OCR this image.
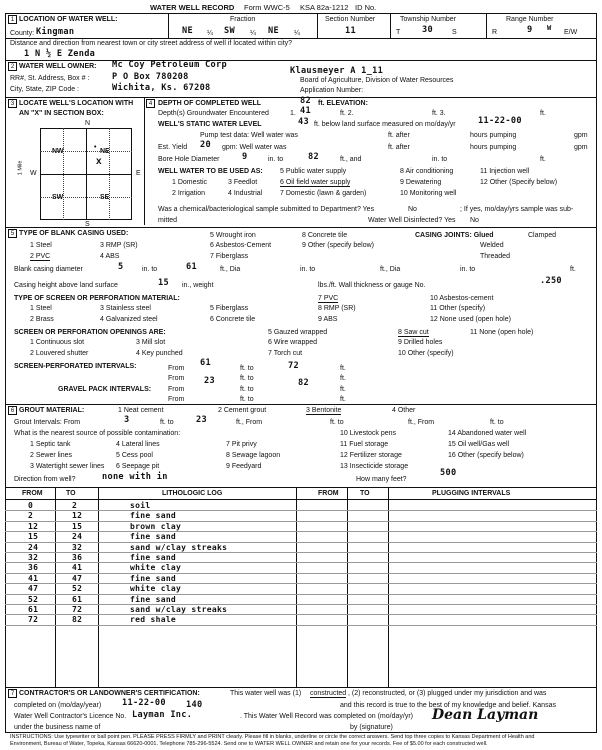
WATER WELL RECORD Form WWC-5 KSA 82a-1212 ID No.
1 LOCATION OF WATER WELL:
County: Kingman
Fraction
NE ¼ SW ¼ NE ¼
Section Number
11
Township Number
T	30	S
Range Number
R	9 W
E/W
Distance and direction from nearest town or city street address of well if located within city?
1 N ½ E Zenda
2 WATER WELL OWNER: Mc Coy Petroleum Corp
Klausmeyer A 1_11
RR#, St. Address, Box # :	P O Box 780208	Board of Agriculture, Division of Water Resources
City, State, ZIP Code :	Wichita, Ks. 67208	Application Number:
3 LOCATE WELL'S LOCATION WITH
AN "X" IN SECTION BOX:
N
S
W	E
1 Mile
NW	NE
SW	SE
x
•
4 DEPTH OF COMPLETED WELL	82 ft. ELEVATION:
Depth(s) Groundwater Encountered	1. 41	ft. 2.	ft. 3.	ft.
WELL'S STATIC WATER LEVEL	43 ft. below land surface measured on mo/day/yr	11-22-00
Pump test data: Well water was	ft. after	hours pumping	gpm
Est. Yield 20 gpm: Well water was	ft. after	hours pumping	gpm
Bore Hole Diameter	9	in. to	82	ft., and	in. to	ft.
WELL WATER TO BE USED AS: 5 Public water supply	8 Air conditioning	11 Injection well
1 Domestic	3 Feedlot	6 Oil field water supply	9 Dewatering	12 Other (Specify below)
2 Irrigation	4 Industrial	7 Domestic (lawn & garden)	10 Monitoring well
Was a chemical/bacteriological sample submitted to Department? Yes	No	; If yes, mo/day/yrs sample was sub-
mitted	Water Well Disinfected? Yes No
5 TYPE OF BLANK CASING USED:
1 Steel	3 RMP (SR)
5 Wrought iron	8 Concrete tile
2 PVC	4 ABS
6 Asbestos-Cement	9 Other (specify below)
7 Fiberglass
CASING JOINTS: Glued	Clamped
Welded
Threaded
Blank casing diameter	5	in. to	61	ft., Dia	in. to	ft., Dia	in. to	ft.
Casing height above land surface	15 in., weight	lbs./ft. Wall thickness or gauge No.	.250
TYPE OF SCREEN OR PERFORATION MATERIAL:
1 Steel	3 Stainless steel	5 Fiberglass
7 PVC	10 Asbestos-cement
2 Brass	4 Galvanized steel	6 Concrete tile
8 RMP (SR)	11 Other (specify)
9 ABS	12 None used (open hole)
SCREEN OR PERFORATION OPENINGS ARE:	5 Gauzed wrapped	8 Saw cut	11 None (open hole)
1 Continuous slot	3 Mill slot	6 Wire wrapped	9 Drilled holes
2 Louvered shutter	4 Key punched	7 Torch cut	10 Other (specify)
SCREEN-PERFORATED INTERVALS:	From
61
ft. to	72	ft.
From	ft. to	ft.
GRAVEL PACK INTERVALS: From
23
ft. to
82
ft.
From	ft. to	ft.
6 GROUT MATERIAL:	1 Neat cement	2 Cement grout	3 Bentonite	4 Other
Grout Intervals: From	3	ft. to	23	ft., From	ft. to	ft., From	ft. to
What is the nearest source of possible contamination:	10 Livestock pens	14 Abandoned water well
1 Septic tank	4 Lateral lines	7 Pit privy	11 Fuel storage	15 Oil well/Gas well
2 Sewer lines	5 Cess pool	8 Sewage lagoon	12 Fertilizer storage	16 Other (specify below)
3 Watertight sewer lines 6 Seepage pit	9 Feedyard	13 Insecticide storage
Direction from well?	none with in	How many feet?
500
FROM	TO	LITHOLOGIC LOG	FROM	TO	PLUGGING INTERVALS
0	2	soil
2	12	fine sand
12	15	brown clay
15	24	fine sand
24	32	sand w/clay streaks
32	36	fine sand
36	41	white clay
41	47	fine sand
47	52	white clay
52	61	fine sand
61	72	sand w/clay streaks
72	82	red shale
7 CONTRACTOR'S OR LANDOWNER'S CERTIFICATION:	This water well was (1) constructed , (2) reconstructed, or (3) plugged under my jurisdiction and was
completed on (mo/day/year) 11-22-00	and this record is true to the best of my knowledge and belief. Kansas
Water Well Contractor's Licence No.
140
. This Water Well Record was completed on (mo/day/yr)
under the business name of
Layman Inc.
by (signature)
Dean Layman
INSTRUCTIONS: Use typewriter or ball point pen. PLEASE PRESS FIRMLY and PRINT clearly. Please fill in blanks, underline or circle the correct answers. Send top three copies to Kansas Department of Health and
Environment, Bureau of Water, Topeka, Kansas 66620-0001. Telephone 785-296-5524. Send one to WATER WELL OWNER and retain one for your records. Fee of $5.00 for each constructed well.
